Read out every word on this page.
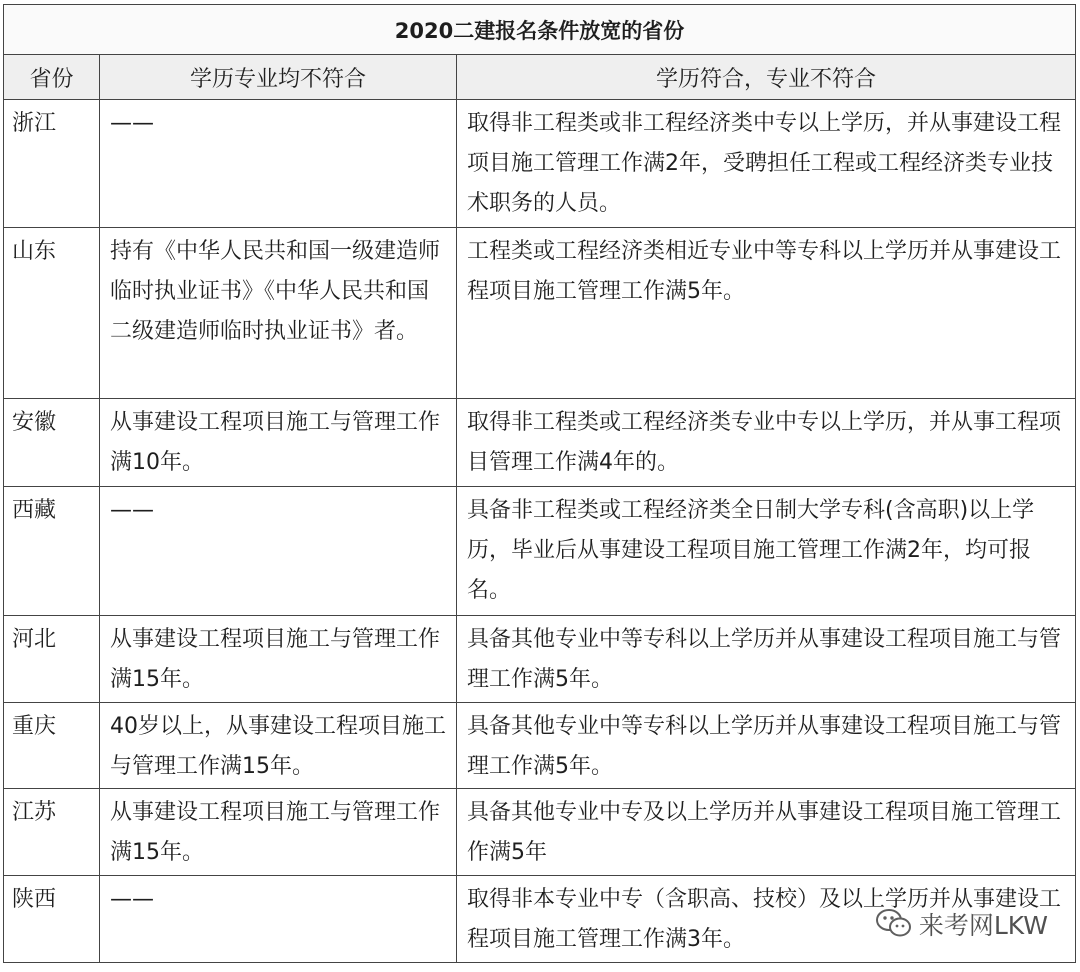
2020二建报名条件放宽的省份		
省份	学历专业均不符合	学历符合，专业不符合
浙江	——	取得非工程类或非工程经济类中专以上学历，并从事建设工程项目施工管理工作满2年，受聘担任工程或工程经济类专业技术职务的人员。
山东	持有《中华人民共和国一级建造师临时执业证书》《中华人民共和国二级建造师临时执业证书》者。	工程类或工程经济类相近专业中等专科以上学历并从事建设工程项目施工管理工作满5年。
安徽	从事建设工程项目施工与管理工作满10年。	取得非工程类或工程经济类专业中专以上学历，并从事工程项目管理工作满4年的。
西藏	——	具备非工程类或工程经济类全日制大学专科(含高职)以上学历，毕业后从事建设工程项目施工管理工作满2年，均可报名。
河北	从事建设工程项目施工与管理工作满15年。	具备其他专业中等专科以上学历并从事建设工程项目施工与管理工作满5年。
重庆	40岁以上，从事建设工程项目施工与管理工作满15年。	具备其他专业中等专科以上学历并从事建设工程项目施工与管理工作满5年。
江苏	从事建设工程项目施工与管理工作满15年。	具备其他专业中专及以上学历并从事建设工程项目施工管理工作满5年
陕西	——	取得非本专业中专（含职高、技校）及以上学历并从事建设工程项目施工管理工作满3年。	来考网LKW
